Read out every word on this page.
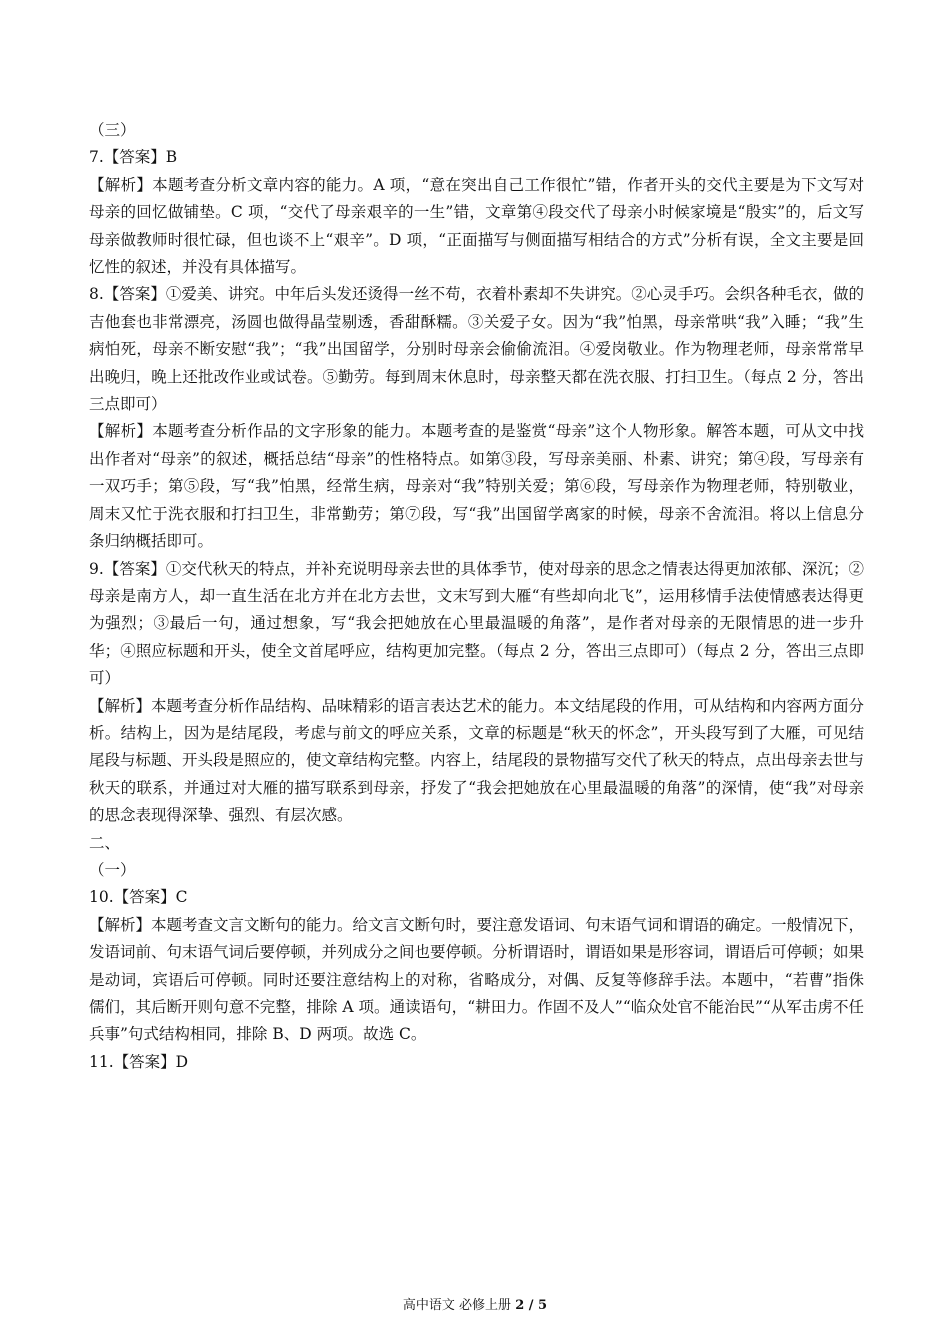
（三）

7.【答案】B

【解析】本题考查分析文章内容的能力。A 项，“意在突出自己工作很忙”错，作者开头的交代主要是为下文写对母亲的回忆做铺垫。C 项，“交代了母亲艰辛的一生”错，文章第④段交代了母亲小时候家境是“殷实”的，后文写母亲做教师时很忙碌，但也谈不上“艰辛”。D 项，“正面描写与侧面描写相结合的方式”分析有误，全文主要是回忆性的叙述，并没有具体描写。

8.【答案】①爱美、讲究。中年后头发还烫得一丝不苟，衣着朴素却不失讲究。②心灵手巧。会织各种毛衣，做的吉他套也非常漂亮，汤圆也做得晶莹剔透，香甜酥糯。③关爱子女。因为“我”怕黑，母亲常哄“我”入睡；“我”生病怕死，母亲不断安慰“我”；“我”出国留学，分别时母亲会偷偷流泪。④爱岗敬业。作为物理老师，母亲常常早出晚归，晚上还批改作业或试卷。⑤勤劳。每到周末休息时，母亲整天都在洗衣服、打扫卫生。（每点 2 分，答出三点即可）

【解析】本题考查分析作品的文字形象的能力。本题考查的是鉴赏“母亲”这个人物形象。解答本题，可从文中找出作者对“母亲”的叙述，概括总结“母亲”的性格特点。如第③段，写母亲美丽、朴素、讲究；第④段，写母亲有一双巧手；第⑤段，写“我”怕黑，经常生病，母亲对“我”特别关爱；第⑥段，写母亲作为物理老师，特别敬业，周末又忙于洗衣服和打扫卫生，非常勤劳；第⑦段，写“我”出国留学离家的时候，母亲不舍流泪。将以上信息分条归纳概括即可。

9.【答案】①交代秋天的特点，并补充说明母亲去世的具体季节，使对母亲的思念之情表达得更加浓郁、深沉；②母亲是南方人，却一直生活在北方并在北方去世，文末写到大雁“有些却向北飞”，运用移情手法使情感表达得更为强烈；③最后一句，通过想象，写“我会把她放在心里最温暖的角落”，是作者对母亲的无限情思的进一步升华；④照应标题和开头，使全文首尾呼应，结构更加完整。（每点 2 分，答出三点即可）（每点 2 分，答出三点即可）

【解析】本题考查分析作品结构、品味精彩的语言表达艺术的能力。本文结尾段的作用，可从结构和内容两方面分析。结构上，因为是结尾段，考虑与前文的呼应关系，文章的标题是“秋天的怀念”，开头段写到了大雁，可见结尾段与标题、开头段是照应的，使文章结构完整。内容上，结尾段的景物描写交代了秋天的特点，点出母亲去世与秋天的联系，并通过对大雁的描写联系到母亲，抒发了“我会把她放在心里最温暖的角落”的深情，使“我”对母亲的思念表现得深挚、强烈、有层次感。

二、

（一）

10.【答案】C

【解析】本题考查文言文断句的能力。给文言文断句时，要注意发语词、句末语气词和谓语的确定。一般情况下，发语词前、句末语气词后要停顿，并列成分之间也要停顿。分析谓语时，谓语如果是形容词，谓语后可停顿；如果是动词，宾语后可停顿。同时还要注意结构上的对称，省略成分，对偶、反复等修辞手法。本题中，“若曹”指侏儒们，其后断开则句意不完整，排除 A 项。通读语句，“耕田力。作固不及人”“临众处官不能治民”“从军击虏不任兵事”句式结构相同，排除 B、D 两项。故选 C。

11.【答案】D

高中语文 必修上册 2 / 5
